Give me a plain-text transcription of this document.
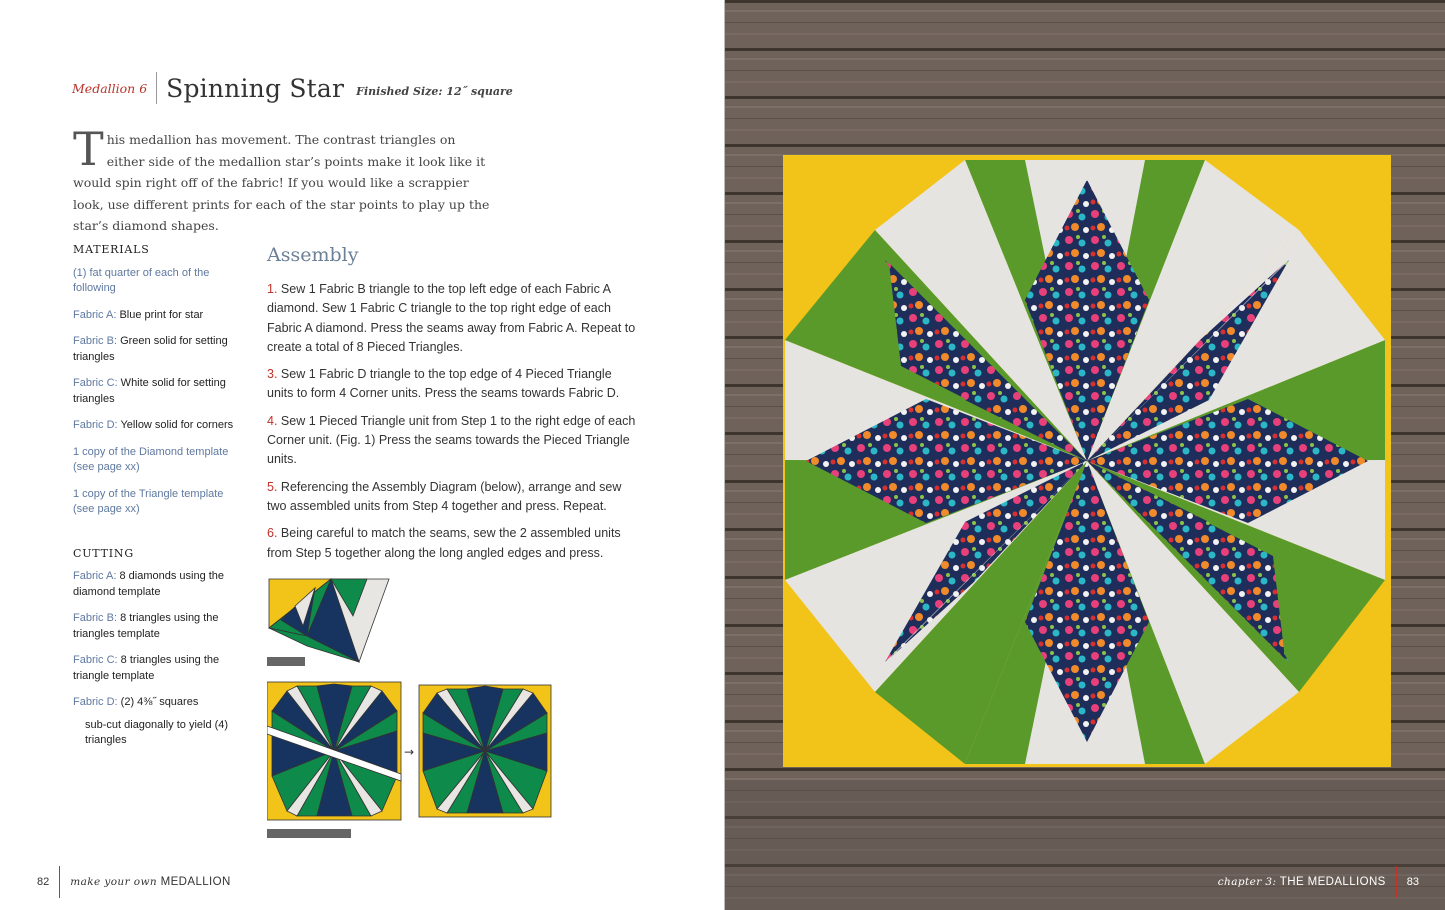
Medallion 6 Spinning Star Finished Size: 12˝ square
This medallion has movement. The contrast triangles on either side of the medallion star’s points make it look like it would spin right off of the fabric! If you would like a scrappier look, use different prints for each of the star points to play up the star’s diamond shapes.
MATERIALS
(1) fat quarter of each of the following
Fabric A: Blue print for star
Fabric B: Green solid for setting triangles
Fabric C: White solid for setting triangles
Fabric D: Yellow solid for corners
1 copy of the Diamond template (see page xx)
1 copy of the Triangle template (see page xx)
CUTTING
Fabric A: 8 diamonds using the diamond template
Fabric B: 8 triangles using the triangles template
Fabric C: 8 triangles using the triangle template
Fabric D: (2) 4⅜˝ squares
sub-cut diagonally to yield (4) triangles
Assembly

1. Sew 1 Fabric B triangle to the top left edge of each Fabric A diamond. Sew 1 Fabric C triangle to the top right edge of each Fabric A diamond. Press the seams away from Fabric A. Repeat to create a total of 8 Pieced Triangles.

3. Sew 1 Fabric D triangle to the top edge of 4 Pieced Triangle units to form 4 Corner units. Press the seams towards Fabric D.

4. Sew 1 Pieced Triangle unit from Step 1 to the right edge of each Corner unit. (Fig. 1) Press the seams towards the Pieced Triangle units.

5. Referencing the Assembly Diagram (below), arrange and sew two assembled units from Step 4 together and press. Repeat.

6. Being careful to match the seams, sew the 2 assembled units from Step 5 together along the long angled edges and press.

→
82 make your own MEDALLION	chapter 3: THE MEDALLIONS 83
